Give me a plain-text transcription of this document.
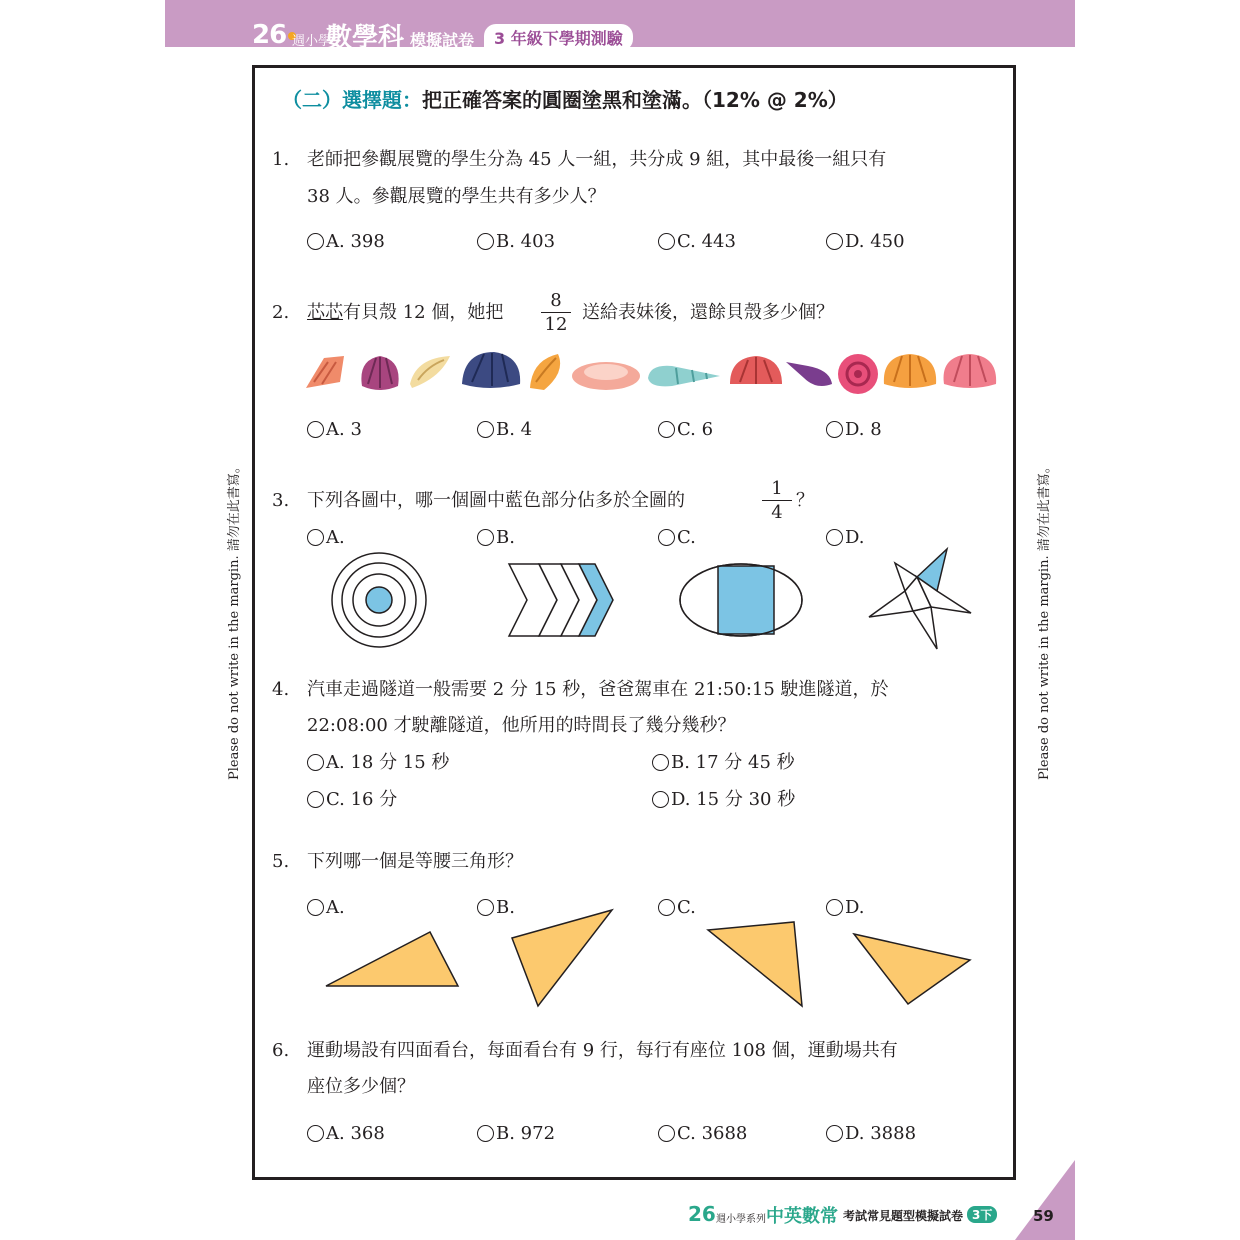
26 週小學
數學科 模擬試卷	3 年級下學期測驗
Please do not write in the margin. 請勿在此書寫。	Please do not write in the margin. 請勿在此書寫。
（二）選擇題：把正確答案的圓圈塗黑和塗滿。（12% @ 2%）
1. 老師把參觀展覽的學生分為 45 人一組，共分成 9 組，其中最後一組只有
38 人。參觀展覽的學生共有多少人？
A. 398	B. 403	C. 443	D. 450
2. 芯芯有貝殼 12 個，她把
8
12
送給表妹後，還餘貝殼多少個？
A. 3	B. 4	C. 6	D. 8
3. 下列各圖中，哪一個圖中藍色部分佔多於全圖的
1
4
？
A.	B.	C.	D.
4. 汽車走過隧道一般需要 2 分 15 秒，爸爸駕車在 21:50:15 駛進隧道，於
22:08:00 才駛離隧道，他所用的時間長了幾分幾秒？
A. 18 分 15 秒	B. 17 分 45 秒
C. 16 分	D. 15 分 30 秒
5. 下列哪一個是等腰三角形？
A.	B.	C.	D.
6. 運動場設有四面看台，每面看台有 9 行，每行有座位 108 個，運動場共有
座位多少個？
A. 368	B. 972	C. 3688	D. 3888
26 週小學系列 中英數常 考試常見題型模擬試卷 3下	59
